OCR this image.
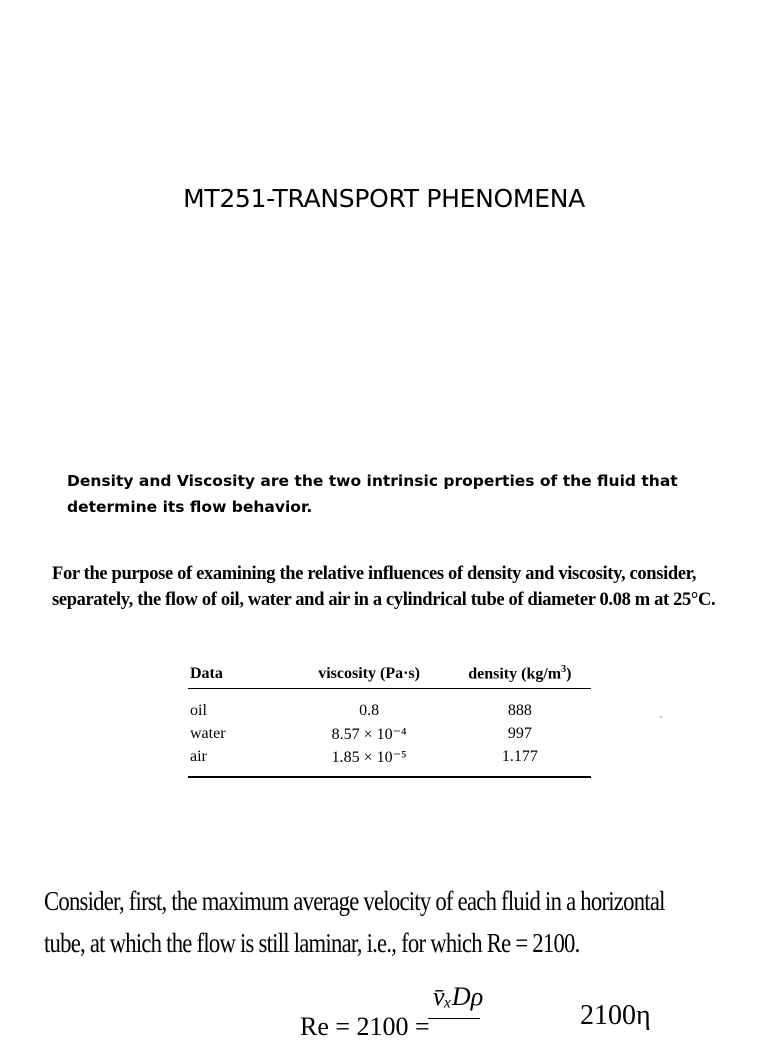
MT251-TRANSPORT PHENOMENA
Density and Viscosity are the two intrinsic properties of the fluid that determine its flow behavior.
For the purpose of examining the relative influences of density and viscosity, consider, separately, the flow of oil, water and air in a cylindrical tube of diameter 0.08 m at 25°C.
Data	viscosity (Pa·s)	density $(kg/m^3)$
oil	0.8	888
water	8.57 × 10⁻⁴	997
air	1.85 × 10⁻⁵	1.177
Consider, first, the maximum average velocity of each fluid in a horizontal
tube, at which the flow is still laminar, i.e., for which Re = 2100.
Re = 2100 =
v̄ₓDρ
2100η
